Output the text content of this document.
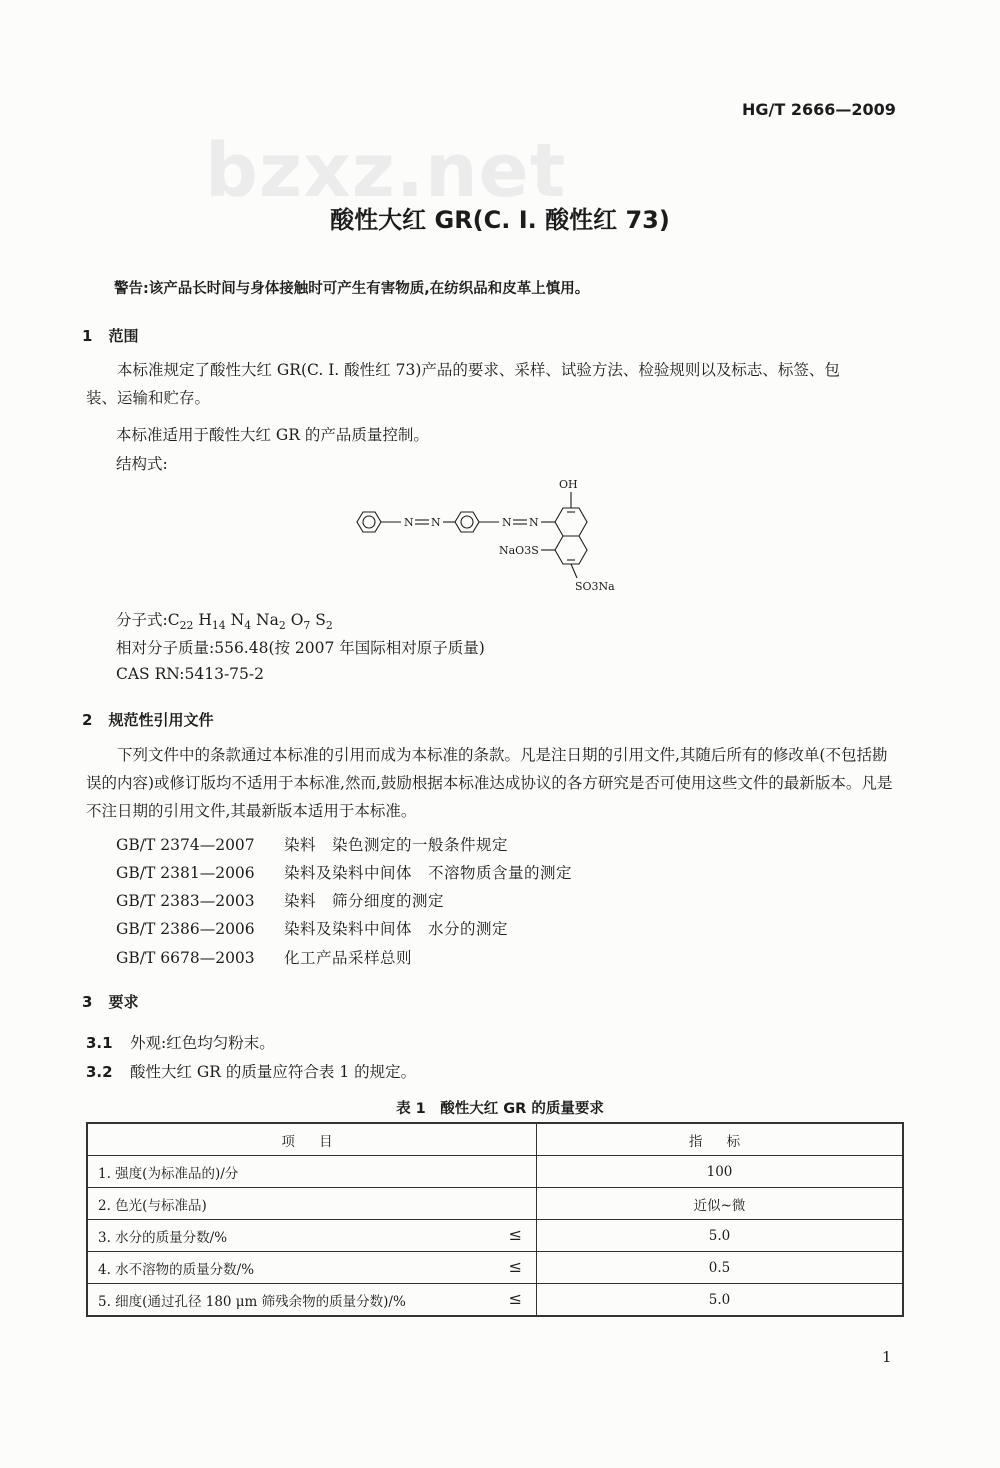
HG/T 2666—2009
bzxz.net
酸性大红 GR(C. I. 酸性红 73)
警告:该产品长时间与身体接触时可产生有害物质,在纺织品和皮革上慎用。
1 范围
本标准规定了酸性大红 GR(C. I. 酸性红 73)产品的要求、采样、试验方法、检验规则以及标志、标签、包装、运输和贮存。
本标准适用于酸性大红 GR 的产品质量控制。
结构式:
N N	N N
OH
NaO3S
SO3Na
分子式$:C_{22}$ $H_{14}$ $N_4$ $Na_2$ $O_7$ $S_2$
相对分子质量:556.48(按 2007 年国际相对原子质量)
CAS RN:5413-75-2
2 规范性引用文件
下列文件中的条款通过本标准的引用而成为本标准的条款。凡是注日期的引用文件,其随后所有的修改单(不包括勘误的内容)或修订版均不适用于本标准,然而,鼓励根据本标准达成协议的各方研究是否可使用这些文件的最新版本。凡是不注日期的引用文件,其最新版本适用于本标准。
GB/T 2374—2007 染料　染色测定的一般条件规定
GB/T 2381—2006 染料及染料中间体　不溶物质含量的测定
GB/T 2383—2003 染料　筛分细度的测定
GB/T 2386—2006 染料及染料中间体　水分的测定
GB/T 6678—2003 化工产品采样总则
3 要求
3.1 外观:红色均匀粉末。
3.2 酸性大红 GR 的质量应符合表 1 的规定。
表 1　酸性大红 GR 的质量要求
项 目	指 标
1. 强度(为标准品的)/分	100
2. 色光(与标准品)	近似~微
3. 水分的质量分数/% ≤	5.0
4. 水不溶物的质量分数/% ≤	0.5
5. 细度(通过孔径 180 μm 筛残余物的质量分数)/% ≤	5.0
1
